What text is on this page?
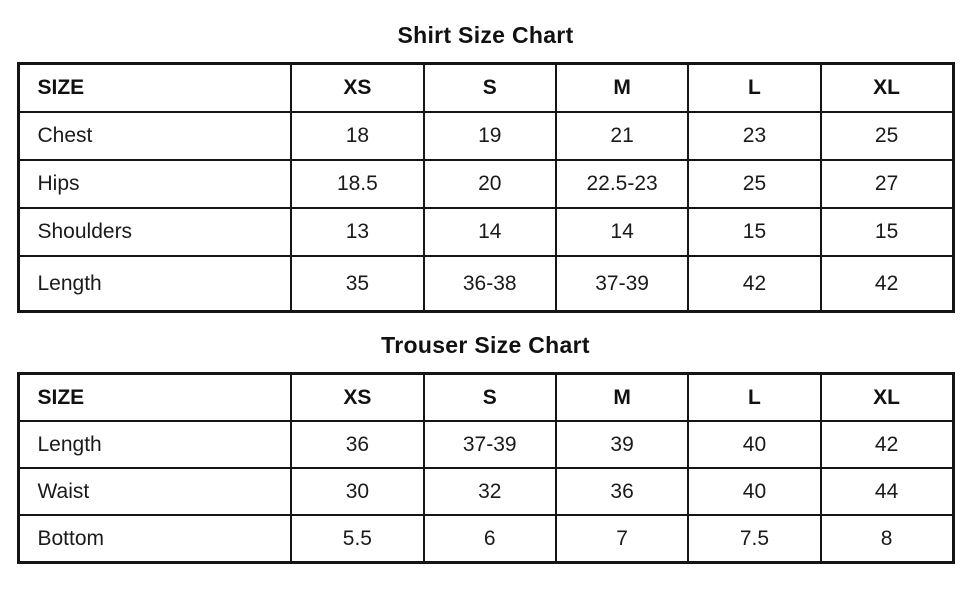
Shirt Size Chart
SIZE	XS	S	M	L	XL
Chest	18	19	21	23	25
Hips	18.5	20	22.5-23	25	27
Shoulders	13	14	14	15	15
Length	35	36-38	37-39	42	42
Trouser Size Chart
SIZE	XS	S	M	L	XL
Length	36	37-39	39	40	42
Waist	30	32	36	40	44
Bottom	5.5	6	7	7.5	8
